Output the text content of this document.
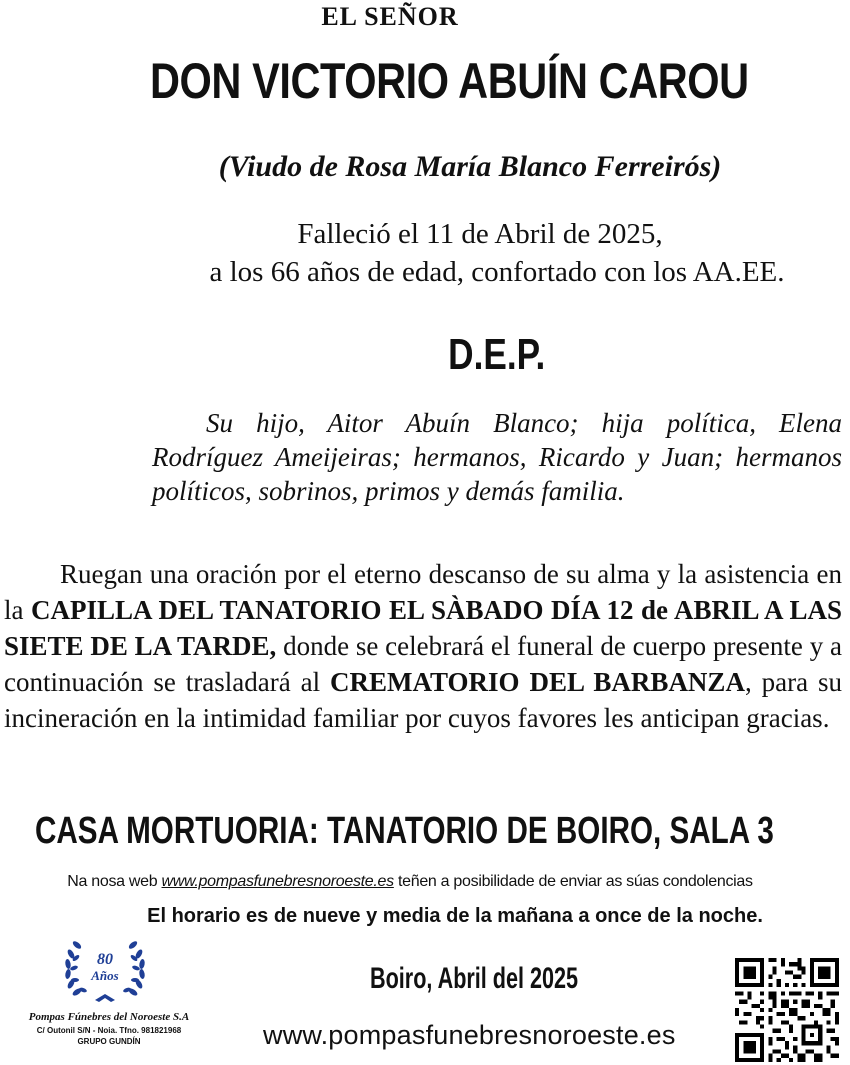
EL SEÑOR
DON VICTORIO ABUÍN CAROU
(Viudo de Rosa María Blanco Ferreirós)
Falleció el 11 de Abril de 2025,
a los 66 años de edad, confortado con los AA.EE.
D.E.P.
Su hijo, Aitor Abuín Blanco; hija política, Elena Rodríguez Ameijeiras; hermanos, Ricardo y Juan; hermanos políticos, sobrinos, primos y demás familia.
Ruegan una oración por el eterno descanso de su alma y la asistencia en la CAPILLA DEL TANATORIO EL SÀBADO DÍA 12 de ABRIL A LAS SIETE DE LA TARDE, donde se celebrará el funeral de cuerpo presente y a continuación se trasladará al CREMATORIO DEL BARBANZA, para su incineración en la intimidad familiar por cuyos favores les anticipan gracias.
CASA MORTUORIA: TANATORIO DE BOIRO, SALA 3
Na nosa web www.pompasfunebresnoroeste.es teñen a posibilidade de enviar as súas condolencias
El horario es de nueve y media de la mañana a once de la noche.
80
Años
Pompas Fúnebres del Noroeste S.A
C/ Outonil S/N - Noia. Tfno. 981821968
GRUPO GUNDÍN
Boiro, Abril del 2025
www.pompasfunebresnoroeste.es
